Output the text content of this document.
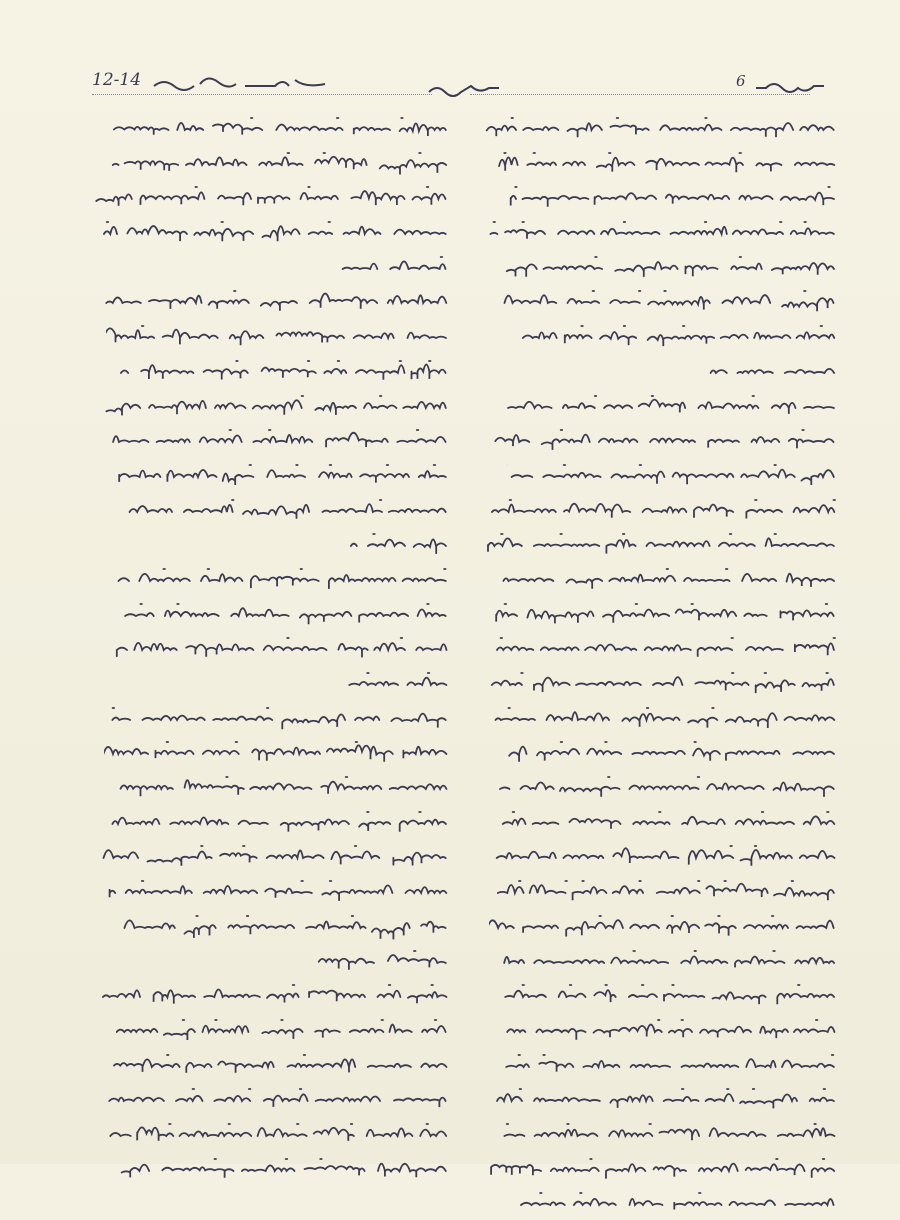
12-14	6
